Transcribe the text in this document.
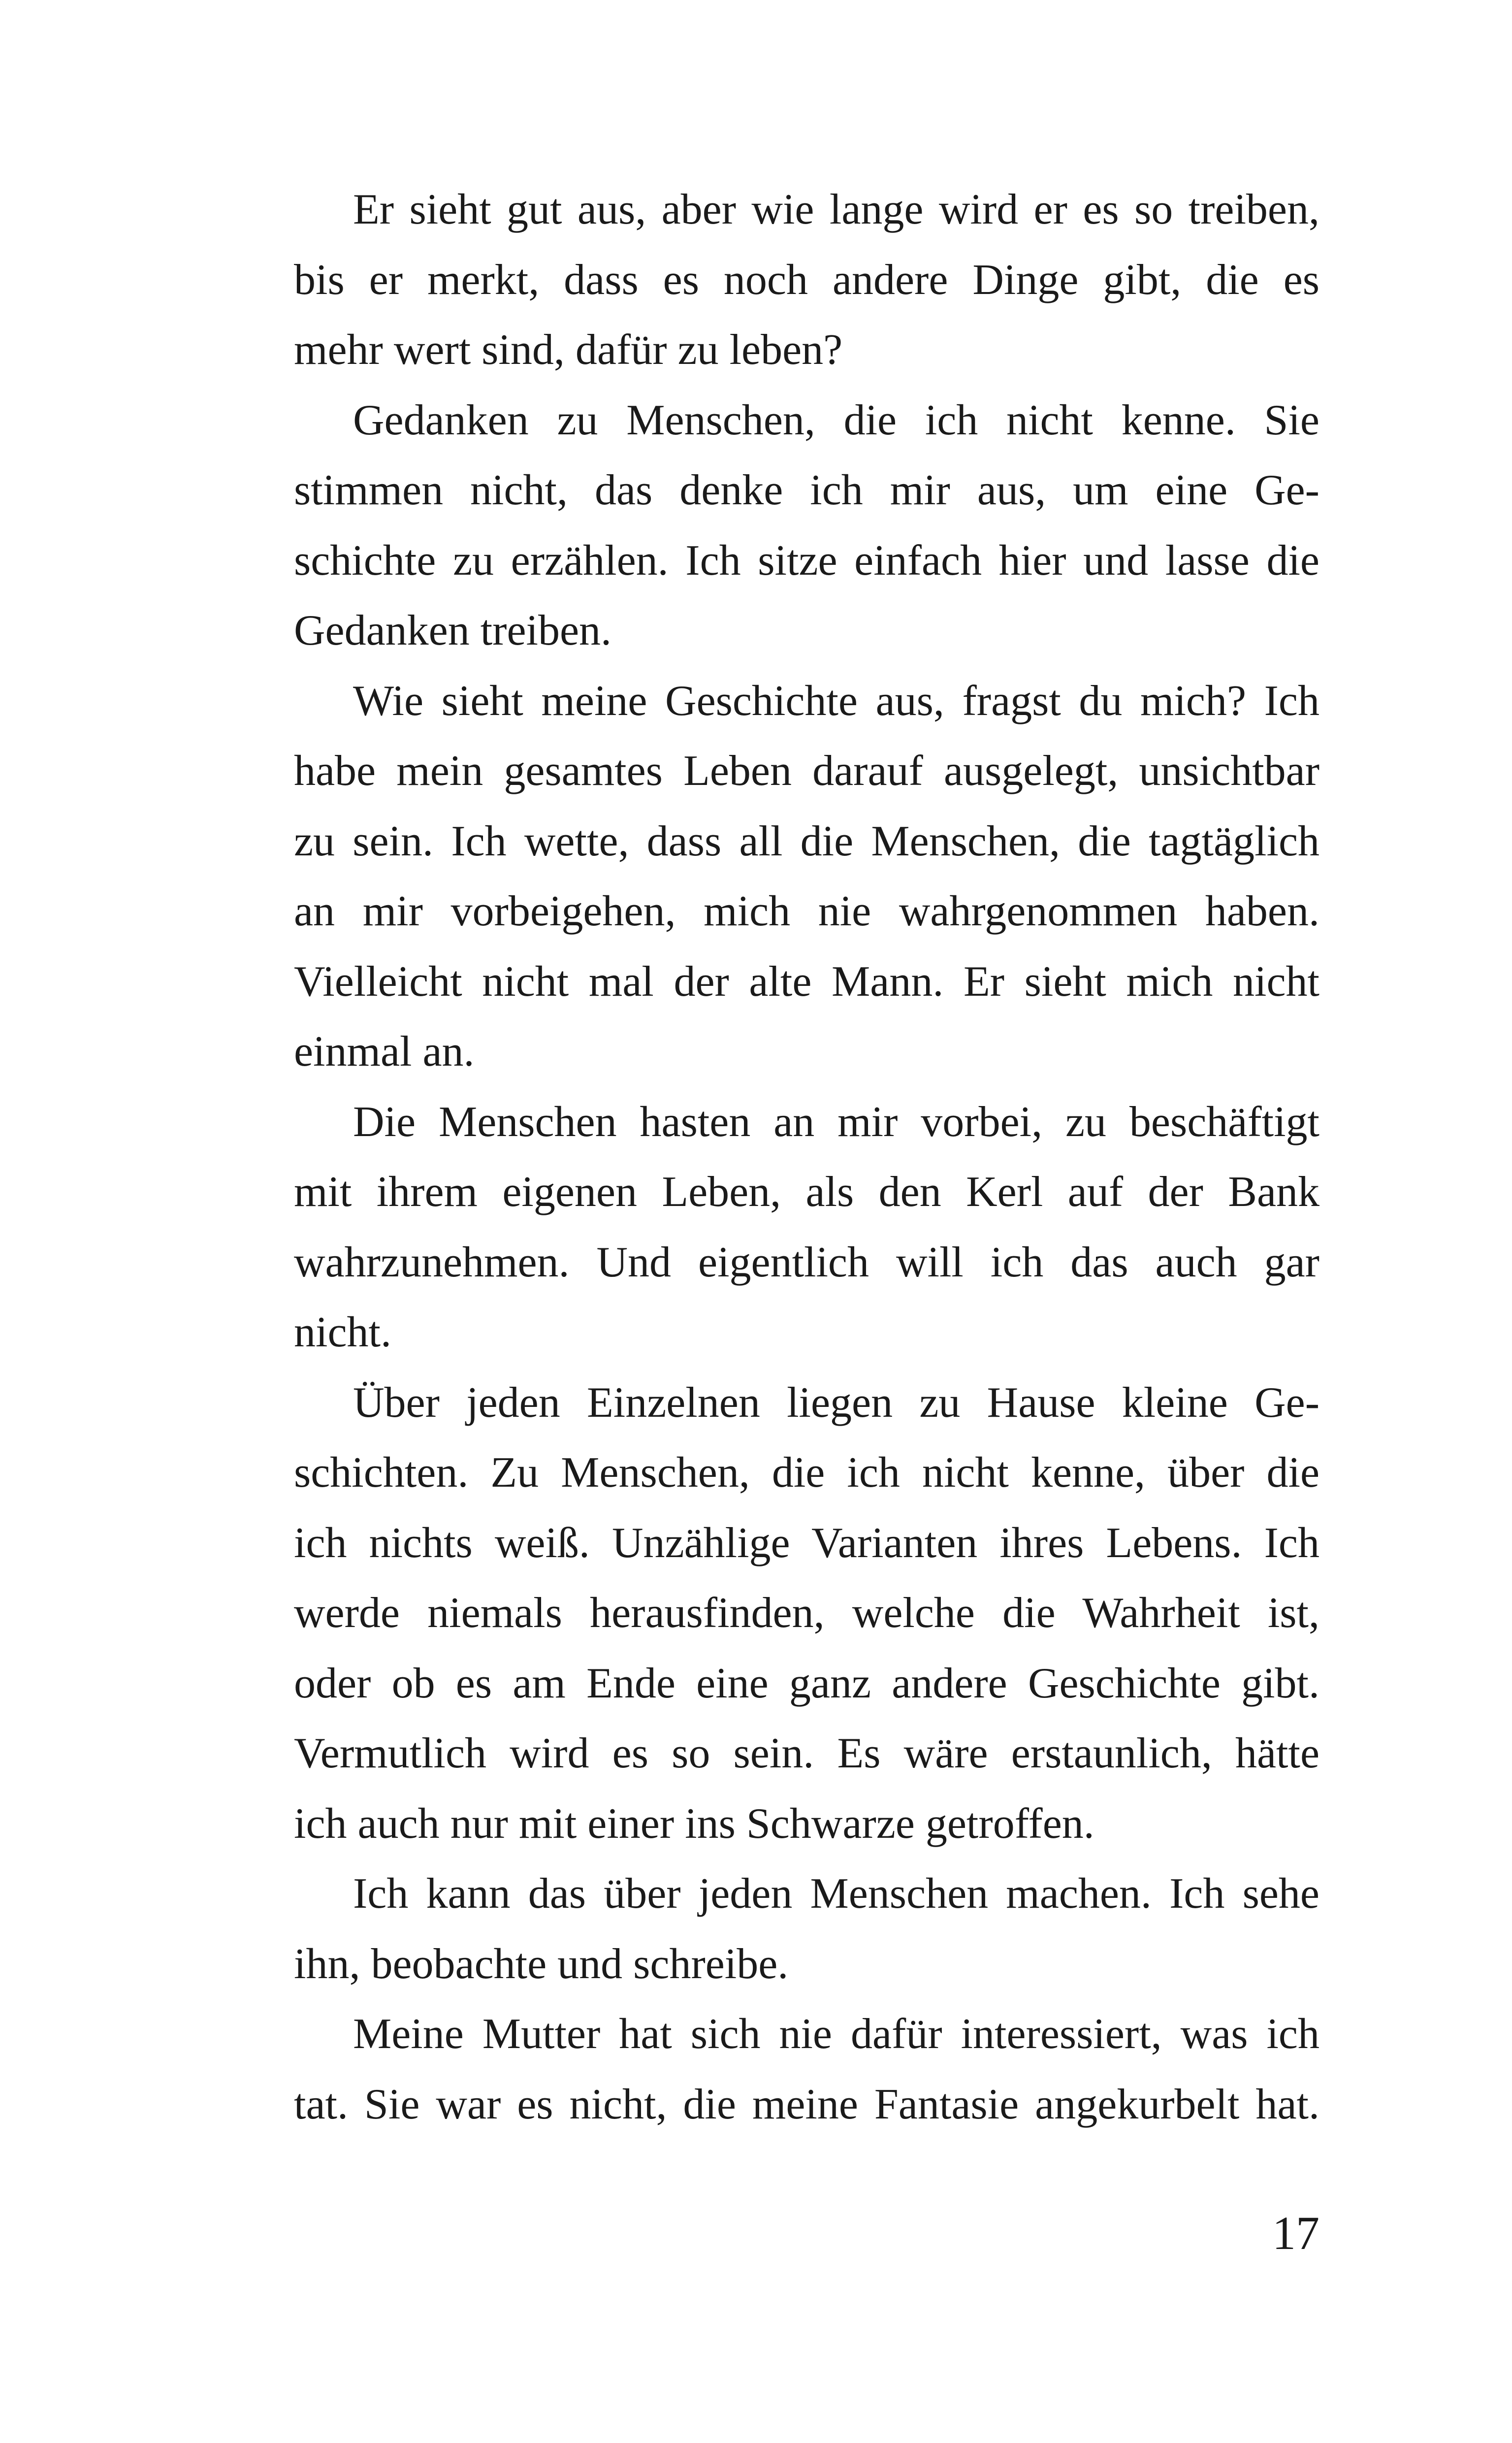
Er sieht gut aus, aber wie lange wird er es so treiben,
bis er merkt, dass es noch andere Dinge gibt, die es
mehr wert sind, dafür zu leben?
Gedanken zu Menschen, die ich nicht kenne. Sie
stimmen nicht, das denke ich mir aus, um eine Ge-
schichte zu erzählen. Ich sitze einfach hier und lasse die
Gedanken treiben.
Wie sieht meine Geschichte aus, fragst du mich? Ich
habe mein gesamtes Leben darauf ausgelegt, unsichtbar
zu sein. Ich wette, dass all die Menschen, die tagtäglich
an mir vorbeigehen, mich nie wahrgenommen haben.
Vielleicht nicht mal der alte Mann. Er sieht mich nicht
einmal an.
Die Menschen hasten an mir vorbei, zu beschäftigt
mit ihrem eigenen Leben, als den Kerl auf der Bank
wahrzunehmen. Und eigentlich will ich das auch gar
nicht.
Über jeden Einzelnen liegen zu Hause kleine Ge-
schichten. Zu Menschen, die ich nicht kenne, über die
ich nichts weiß. Unzählige Varianten ihres Lebens. Ich
werde niemals herausfinden, welche die Wahrheit ist,
oder ob es am Ende eine ganz andere Geschichte gibt.
Vermutlich wird es so sein. Es wäre erstaunlich, hätte
ich auch nur mit einer ins Schwarze getroffen.
Ich kann das über jeden Menschen machen. Ich sehe
ihn, beobachte und schreibe.
Meine Mutter hat sich nie dafür interessiert, was ich
tat. Sie war es nicht, die meine Fantasie angekurbelt hat.
17
